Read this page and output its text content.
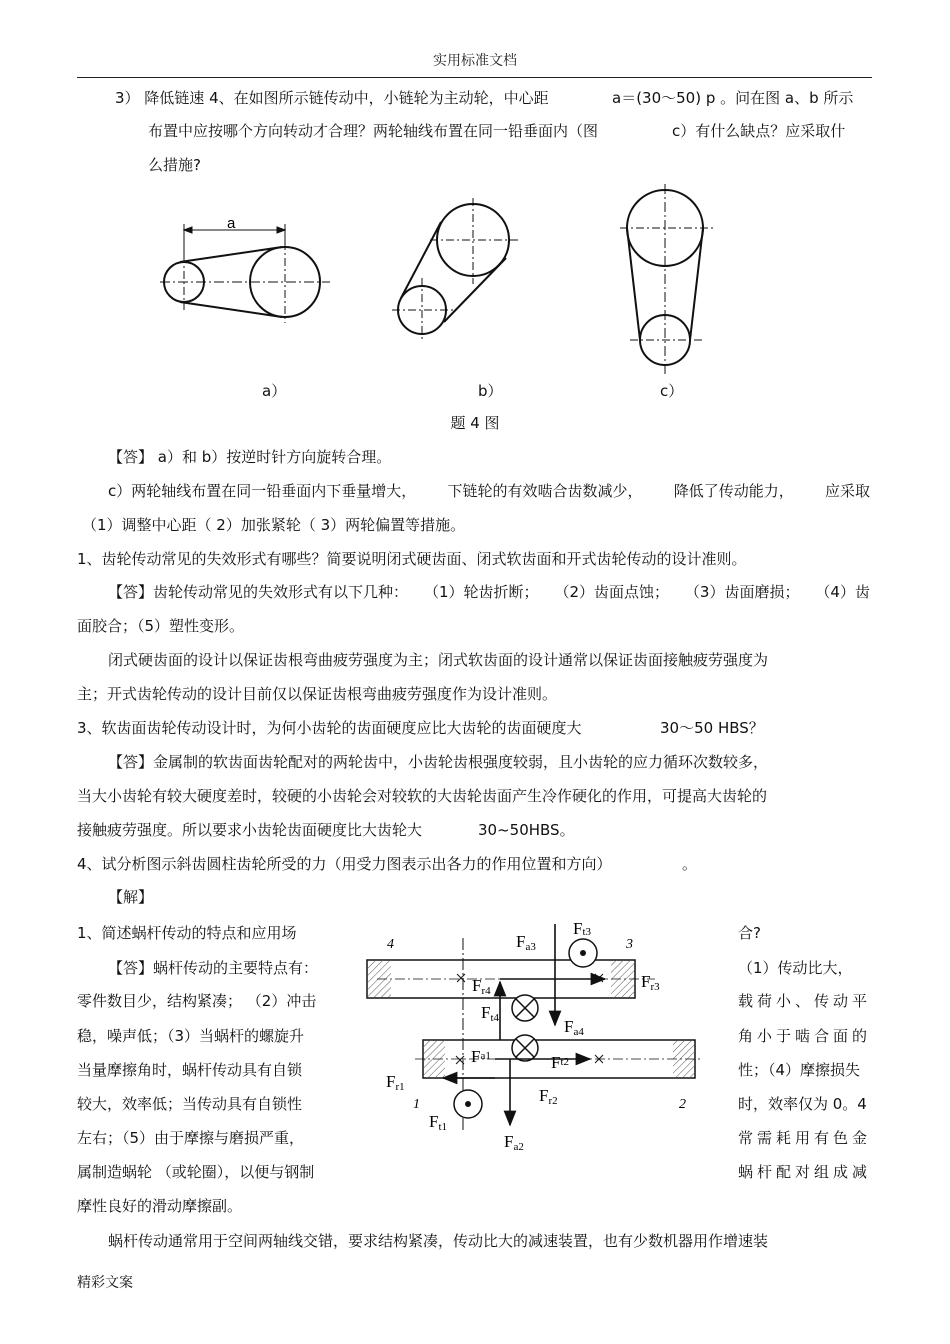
实用标准文档
3） 降低链速 4、在如图所示链传动中，小链轮为主动轮，中心距	a＝(30～50) p 。问在图 a、b 所示
布置中应按哪个方向转动才合理？两轮轴线布置在同一铅垂面内（图	c）有什么缺点？应采取什
么措施?
a
a）	b）	c）
题 4 图
【答】 a）和 b）按逆时针方向旋转合理。
c）两轮轴线布置在同一铅垂面内下垂量增大， 下链轮的有效啮合齿数减少， 降低了传动能力， 应采取
（1）调整中心距（ 2）加张紧轮（ 3）两轮偏置等措施。
1、齿轮传动常见的失效形式有哪些？简要说明闭式硬齿面、闭式软齿面和开式齿轮传动的设计准则。
【答】齿轮传动常见的失效形式有以下几种： （1）轮齿折断； （2）齿面点蚀； （3）齿面磨损； （4）齿
面胶合；（5）塑性变形。
闭式硬齿面的设计以保证齿根弯曲疲劳强度为主；闭式软齿面的设计通常以保证齿面接触疲劳强度为
主；开式齿轮传动的设计目前仅以保证齿根弯曲疲劳强度作为设计准则。
3、软齿面齿轮传动设计时，为何小齿轮的齿面硬度应比大齿轮的齿面硬度大	30～50 HBS？
【答】金属制的软齿面齿轮配对的两轮齿中，小齿轮齿根强度较弱，且小齿轮的应力循环次数较多，
当大小齿轮有较大硬度差时，较硬的小齿轮会对较软的大齿轮齿面产生冷作硬化的作用，可提高大齿轮的
接触疲劳强度。所以要求小齿轮齿面硬度比大齿轮大	30~50HBS。
4、试分析图示斜齿圆柱齿轮所受的力（用受力图表示出各力的作用位置和方向）	。
【解】
1、简述蜗杆传动的特点和应用场
【答】蜗杆传动的主要特点有：
零件数目少，结构紧凑； （2）冲击
稳，噪声低；（3）当蜗杆的螺旋升
当量摩擦角时，蜗杆传动具有自锁
较大，效率低；当传动具有自锁性
左右；（5）由于摩擦与磨损严重，
属制造蜗轮 （或轮圈），以便与钢制
摩性良好的滑动摩擦副。
合?
（1）传动比大，
载荷小、传动平
角小于啮合面的
性；（4）摩擦损失
时，效率仅为 0。4
常需耗用有色金
蜗杆配对组成减
4	3
1	2
Ft3
Fa3
Fr3
Fr4
Ft4	Fa4
Fa1	Ft2
Fr1	Fr2
Ft1
Fa2
蜗杆传动通常用于空间两轴线交错，要求结构紧凑，传动比大的减速装置，也有少数机器用作增速装
精彩文案
